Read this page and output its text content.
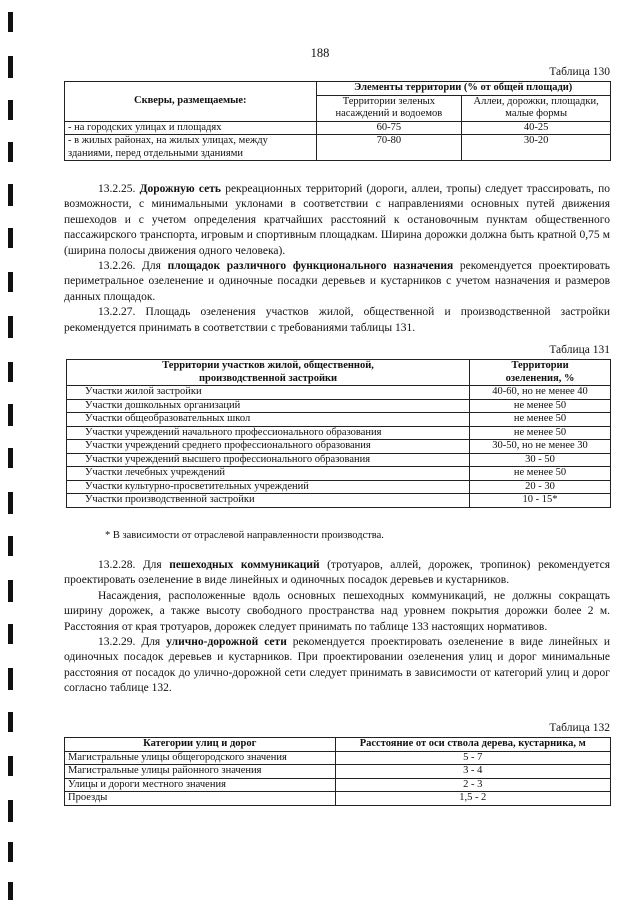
188
Таблица 130
Скверы, размещаемые:	Элементы территории (% от общей площади)	
	Территории зеленых насаждений и водоемов	Аллеи, дорожки, площадки, малые формы
- на городских улицах и площадях	60-75	40-25
- в жилых районах, на жилых улицах, между зданиями, перед отдельными зданиями	70-80	30-20

13.2.25. Дорожную сеть рекреационных территорий (дороги, аллеи, тропы) следует трассировать, по возможности, с минимальными уклонами в соответствии с направлениями основных путей движения пешеходов и с учетом определения кратчайших расстояний к остановочным пунктам общественного пассажирского транспорта, игровым и спортивным площадкам. Ширина дорожки должна быть кратной 0,75 м (ширина полосы движения одного человека).

13.2.26. Для площадок различного функционального назначения рекомендуется проектировать периметральное озеленение и одиночные посадки деревьев и кустарников с учетом назначения и размеров данных площадок.

13.2.27. Площадь озеленения участков жилой, общественной и производственной застройки рекомендуется принимать в соответствии с требованиями таблицы 131.

Таблица 131
Территории участков жилой, общественной, производственной застройки	Территории озеленения, %
Участки жилой застройки	40-60, но не менее 40
Участки дошкольных организаций	не менее 50
Участки общеобразовательных школ	не менее 50
Участки учреждений начального профессионального образования	не менее 50
Участки учреждений среднего профессионального образования	30-50, но не менее 30
Участки учреждений высшего профессионального образования	30 - 50
Участки лечебных учреждений	не менее 50
Участки культурно-просветительных учреждений	20 - 30
Участки производственной застройки	10 - 15*
* В зависимости от отраслевой направленности производства.

13.2.28. Для пешеходных коммуникаций (тротуаров, аллей, дорожек, тропинок) рекомендуется проектировать озеленение в виде линейных и одиночных посадок деревьев и кустарников.

Насаждения, расположенные вдоль основных пешеходных коммуникаций, не должны сокращать ширину дорожек, а также высоту свободного пространства над уровнем покрытия дорожки более 2 м. Расстояния от края тротуаров, дорожек следует принимать по таблице 133 настоящих нормативов.

13.2.29. Для улично-дорожной сети рекомендуется проектировать озеленение в виде линейных и одиночных посадок деревьев и кустарников. При проектировании озеленения улиц и дорог минимальные расстояния от посадок до улично-дорожной сети следует принимать в зависимости от категорий улиц и дорог согласно таблице 132.

Таблица 132
Категории улиц и дорог	Расстояние от оси ствола дерева, кустарника, м
Магистральные улицы общегородского значения	5 - 7
Магистральные улицы районного значения	3 - 4
Улицы и дороги местного значения	2 - 3
Проезды	1,5 - 2
